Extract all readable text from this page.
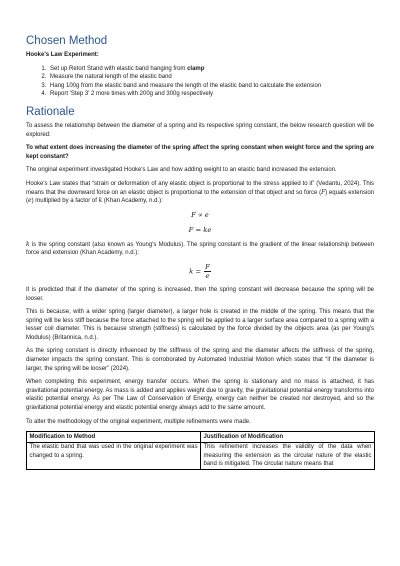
Chosen Method

Hooke's Law Experiment:

1. Set up Retort Stand with elastic band hanging from clamp
2. Measure the natural length of the elastic band
3. Hang 100g from the elastic band and measure the length of the elastic band to calculate the extension
4. Report 'Step 3' 2 more times with 200g and 300g respectively
Rationale

To assess the relationship between the diameter of a spring and its respective spring constant, the below research question will be explored:

To what extent does increasing the diameter of the spring affect the spring constant when weight force and the spring are kept constant?

The original experiment investigated Hooke's Law and how adding weight to an elastic band increased the extension.

Hooke's Law states that “strain or deformation of any elastic object is proportional to the stress applied to it” (Vedantu, 2024). This means that the downward force on an elastic object is proportional to the extension of that object and so force (F) equals extension (e) multiplied by a factor of k (Khan Academy, n.d.):

F ∝ e
F = ke

k is the spring constant (also known as Young's Modulus). The spring constant is the gradient of the linear relationship between force and extension (Khan Academy, n.d.):

$k = \frac{F}{e}$

It is predicted that if the diameter of the spring is increased, then the spring constant will decrease because the spring will be looser.

This is because, with a wider spring (larger diameter), a larger hole is created in the middle of the spring. This means that the spring will be less stiff because the force attached to the spring will be applied to a larger surface area compared to a spring with a lesser coil diameter. This is because strength (stiffness) is calculated by the force divided by the objects area (as per Young's Modulus) (Britannica, n.d.).

As the spring constant is directly influenced by the stiffness of the spring and the diameter affects the stiffness of the spring, diameter impacts the spring constant. This is corroborated by Automated Industrial Motion which states that “if the diameter is larger, the spring will be looser” (2024).

When completing this experiment, energy transfer occurs. When the spring is stationary and no mass is attached, it has gravitational potential energy. As mass is added and applies weight due to gravity, the gravitational potential energy transforms into elastic potential energy. As per The Law of Conservation of Energy, energy can neither be created nor destroyed, and so the gravitational potential energy and elastic potential energy always add to the same amount.

To alter the methodology of the original experiment, multiple refinements were made.

Modification to Method	Justification of Modification
The elastic band that was used in the original experiment was changed to a spring.	This refinement increases the validity of the data when measuring the extension as the circular nature of the elastic band is mitigated. The circular nature means that
